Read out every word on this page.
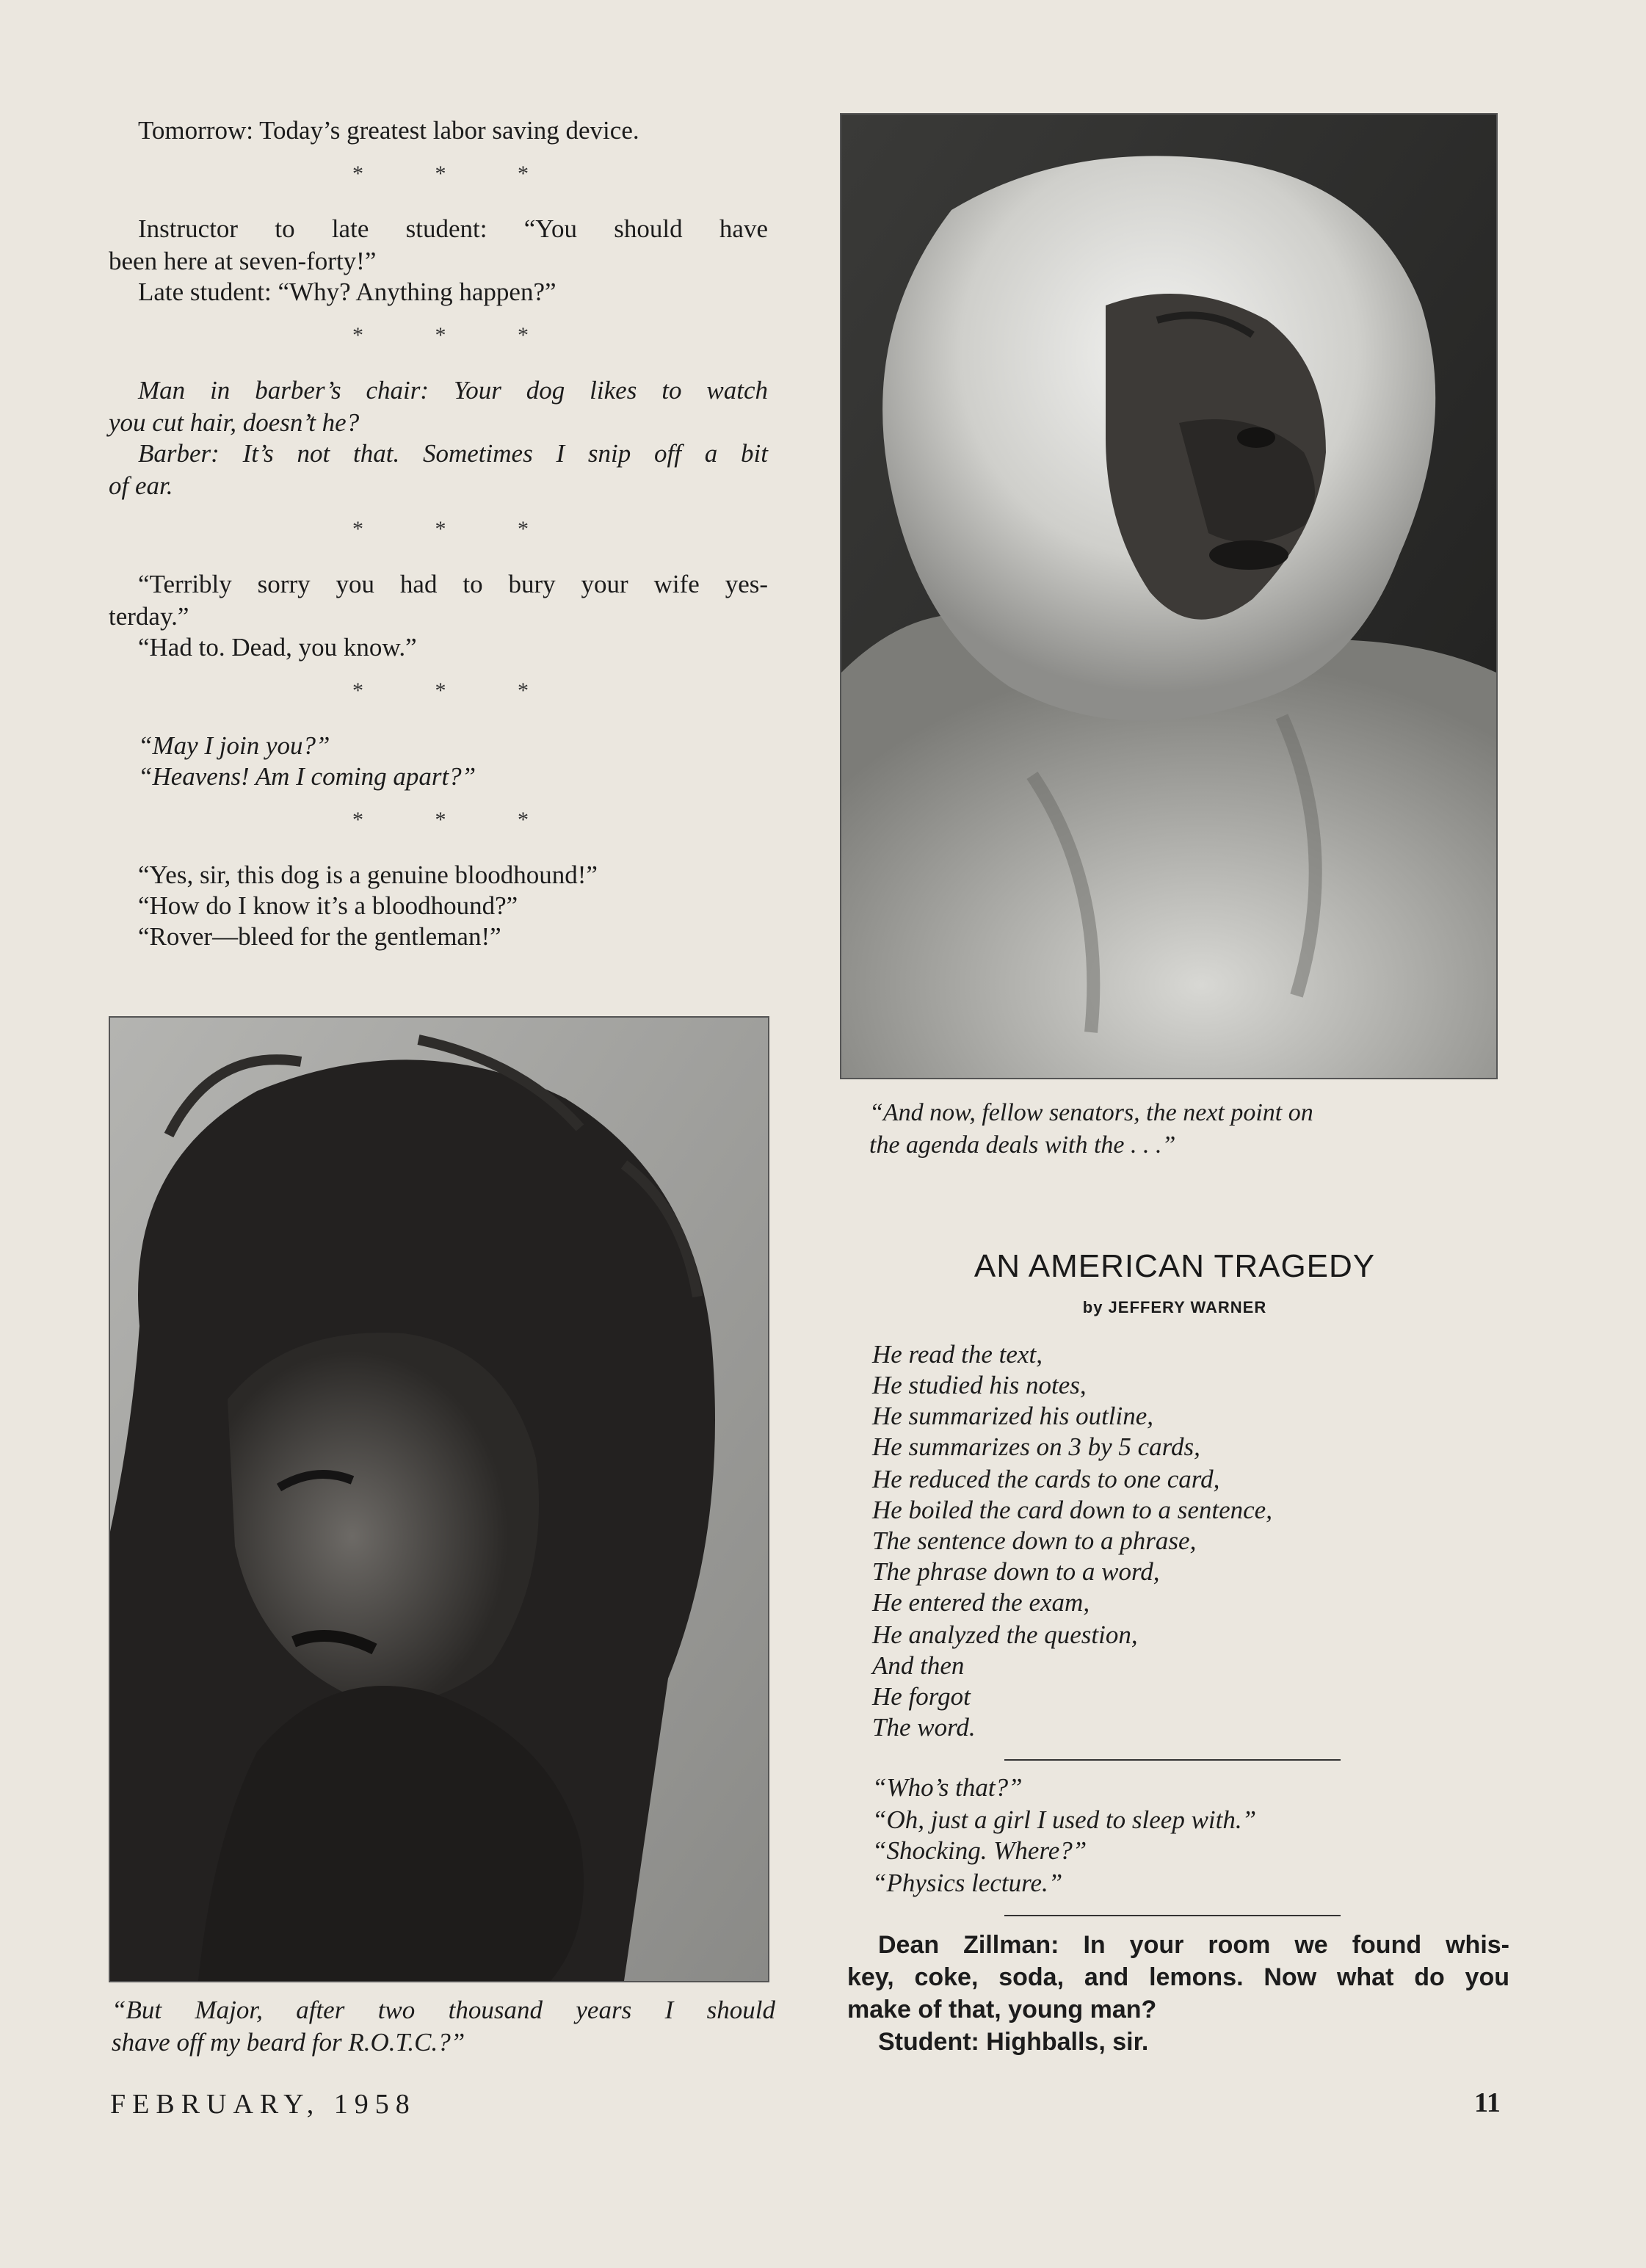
Tomorrow: Today’s greatest labor saving device.
*	*	*
Instructor to late student: “You should have
been here at seven-forty!”
Late student: “Why? Anything happen?”
*	*	*
Man in barber’s chair: Your dog likes to watch
you cut hair, doesn’t he?
Barber: It’s not that. Sometimes I snip off a bit
of ear.
*	*	*
“Terribly sorry you had to bury your wife yes-
terday.”
“Had to. Dead, you know.”
*	*	*
“May I join you?”
“Heavens! Am I coming apart?”
*	*	*
“Yes, sir, this dog is a genuine bloodhound!”
“How do I know it’s a bloodhound?”
“Rover—bleed for the gentleman!”
“And now, fellow senators, the next point on
the agenda deals with the . . .”
“But Major, after two thousand years I should
shave off my beard for R.O.T.C.?”
AN AMERICAN TRAGEDY
by JEFFERY WARNER
He read the text,
He studied his notes,
He summarized his outline,
He summarizes on 3 by 5 cards,
He reduced the cards to one card,
He boiled the card down to a sentence,
The sentence down to a phrase,
The phrase down to a word,
He entered the exam,
He analyzed the question,
And then
He forgot
The word.
“Who’s that?”
“Oh, just a girl I used to sleep with.”
“Shocking. Where?”
“Physics lecture.”
Dean Zillman: In your room we found whis-
key, coke, soda, and lemons. Now what do you
make of that, young man?
Student: Highballs, sir.
FEBRUARY, 1958	11
